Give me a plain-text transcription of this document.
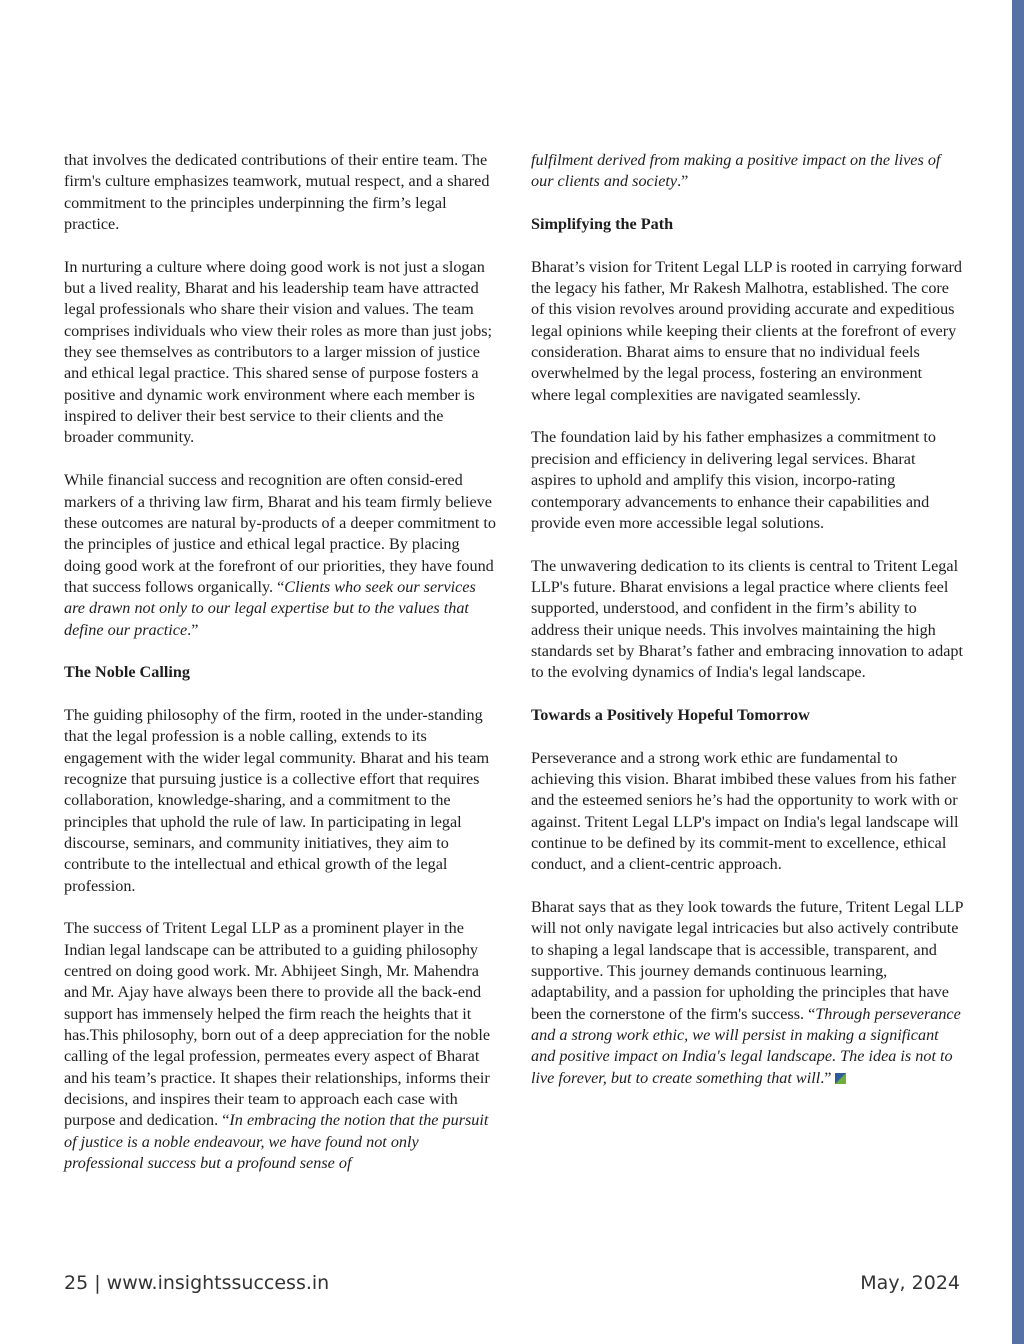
that involves the dedicated contributions of their entire team. The firm's culture emphasizes teamwork, mutual respect, and a shared commitment to the principles underpinning the firm’s legal practice.

In nurturing a culture where doing good work is not just a slogan but a lived reality, Bharat and his leadership team have attracted legal professionals who share their vision and values. The team comprises individuals who view their roles as more than just jobs; they see themselves as contributors to a larger mission of justice and ethical legal practice. This shared sense of purpose fosters a positive and dynamic work environment where each member is inspired to deliver their best service to their clients and the broader community.

While financial success and recognition are often consid-ered markers of a thriving law firm, Bharat and his team firmly believe these outcomes are natural by-products of a deeper commitment to the principles of justice and ethical legal practice. By placing doing good work at the forefront of our priorities, they have found that success follows organically. “Clients who seek our services are drawn not only to our legal expertise but to the values that define our practice.”

The Noble Calling

The guiding philosophy of the firm, rooted in the under-standing that the legal profession is a noble calling, extends to its engagement with the wider legal community. Bharat and his team recognize that pursuing justice is a collective effort that requires collaboration, knowledge-sharing, and a commitment to the principles that uphold the rule of law. In participating in legal discourse, seminars, and community initiatives, they aim to contribute to the intellectual and ethical growth of the legal profession.

The success of Tritent Legal LLP as a prominent player in the Indian legal landscape can be attributed to a guiding philosophy centred on doing good work. Mr. Abhijeet Singh, Mr. Mahendra and Mr. Ajay have always been there to provide all the back-end support has immensely helped the firm reach the heights that it has.This philosophy, born out of a deep appreciation for the noble calling of the legal profession, permeates every aspect of Bharat and his team’s practice. It shapes their relationships, informs their decisions, and inspires their team to approach each case with purpose and dedication. “In embracing the notion that the pursuit of justice is a noble endeavour, we have found not only professional success but a profound sense of

fulfilment derived from making a positive impact on the lives of our clients and society.”

Simplifying the Path

Bharat’s vision for Tritent Legal LLP is rooted in carrying forward the legacy his father, Mr Rakesh Malhotra, established. The core of this vision revolves around providing accurate and expeditious legal opinions while keeping their clients at the forefront of every consideration. Bharat aims to ensure that no individual feels overwhelmed by the legal process, fostering an environment where legal complexities are navigated seamlessly.

The foundation laid by his father emphasizes a commitment to precision and efficiency in delivering legal services. Bharat aspires to uphold and amplify this vision, incorpo-rating contemporary advancements to enhance their capabilities and provide even more accessible legal solutions.

The unwavering dedication to its clients is central to Tritent Legal LLP's future. Bharat envisions a legal practice where clients feel supported, understood, and confident in the firm’s ability to address their unique needs. This involves maintaining the high standards set by Bharat’s father and embracing innovation to adapt to the evolving dynamics of India's legal landscape.

Towards a Positively Hopeful Tomorrow

Perseverance and a strong work ethic are fundamental to achieving this vision. Bharat imbibed these values from his father and the esteemed seniors he’s had the opportunity to work with or against. Tritent Legal LLP's impact on India's legal landscape will continue to be defined by its commit-ment to excellence, ethical conduct, and a client-centric approach.

Bharat says that as they look towards the future, Tritent Legal LLP will not only navigate legal intricacies but also actively contribute to shaping a legal landscape that is accessible, transparent, and supportive. This journey demands continuous learning, adaptability, and a passion for upholding the principles that have been the cornerstone of the firm's success. “Through perseverance and a strong work ethic, we will persist in making a significant and positive impact on India's legal landscape. The idea is not to live forever, but to create something that will.”

25 | www.insightssuccess.in	May, 2024
